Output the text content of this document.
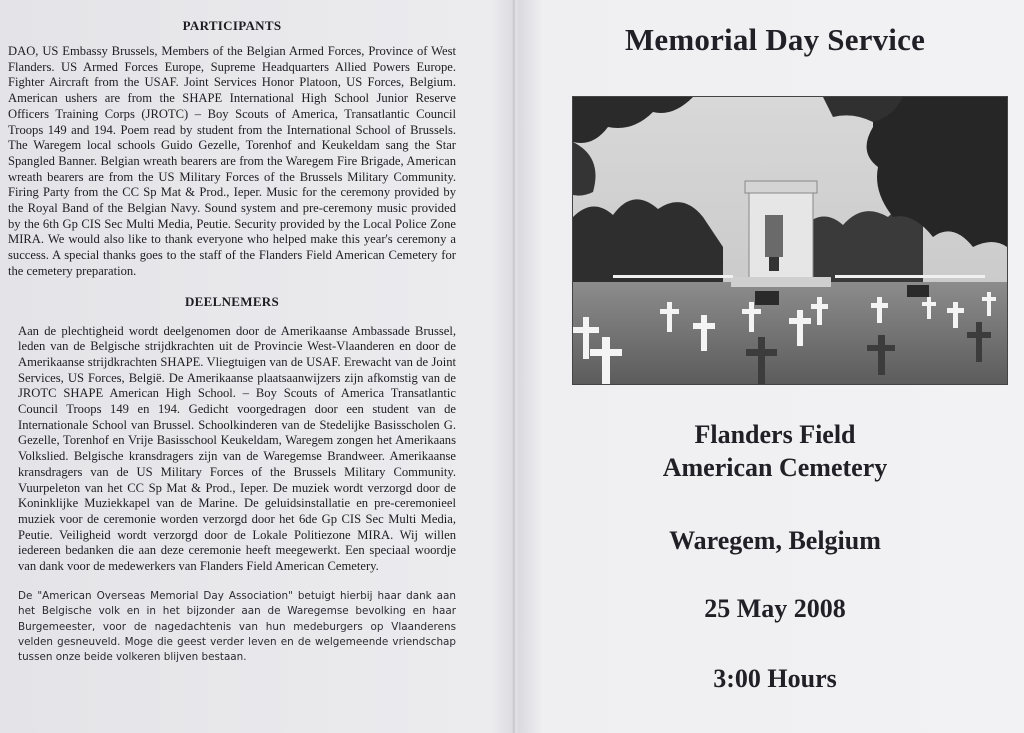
PARTICIPANTS

DAO, US Embassy Brussels, Members of the Belgian Armed Forces, Province of West Flanders. US Armed Forces Europe, Supreme Headquarters Allied Powers Europe. Fighter Aircraft from the USAF. Joint Services Honor Platoon, US Forces, Belgium. American ushers are from the SHAPE International High School Junior Reserve Officers Training Corps (JROTC) – Boy Scouts of America, Transatlantic Council Troops 149 and 194. Poem read by student from the International School of Brussels. The Waregem local schools Guido Gezelle, Torenhof and Keukeldam sang the Star Spangled Banner. Belgian wreath bearers are from the Waregem Fire Brigade, American wreath bearers are from the US Military Forces of the Brussels Military Community. Firing Party from the CC Sp Mat & Prod., Ieper. Music for the ceremony provided by the Royal Band of the Belgian Navy. Sound system and pre-ceremony music provided by the 6th Gp CIS Sec Multi Media, Peutie. Security provided by the Local Police Zone MIRA. We would also like to thank everyone who helped make this year's ceremony a success. A special thanks goes to the staff of the Flanders Field American Cemetery for the cemetery preparation.

DEELNEMERS

Aan de plechtigheid wordt deelgenomen door de Amerikaanse Ambassade Brussel, leden van de Belgische strijdkrachten uit de Provincie West-Vlaanderen en door de Amerikaanse strijdkrachten SHAPE. Vliegtuigen van de USAF. Erewacht van de Joint Services, US Forces, België. De Amerikaanse plaatsaanwijzers zijn afkomstig van de JROTC SHAPE American High School. – Boy Scouts of America Transatlantic Council Troops 149 en 194. Gedicht voorgedragen door een student van de Internationale School van Brussel. Schoolkinderen van de Stedelijke Basisscholen G. Gezelle, Torenhof en Vrije Basisschool Keukeldam, Waregem zongen het Amerikaans Volkslied. Belgische kransdragers zijn van de Waregemse Brandweer. Amerikaanse kransdragers van de US Military Forces of the Brussels Military Community. Vuurpeleton van het CC Sp Mat & Prod., Ieper. De muziek wordt verzorgd door de Koninklijke Muziekkapel van de Marine. De geluidsinstallatie en pre-ceremonieel muziek voor de ceremonie worden verzorgd door het 6de Gp CIS Sec Multi Media, Peutie. Veiligheid wordt verzorgd door de Lokale Politiezone MIRA. Wij willen iedereen bedanken die aan deze ceremonie heeft meegewerkt. Een speciaal woordje van dank voor de medewerkers van Flanders Field American Cemetery.

De "American Overseas Memorial Day Association" betuigt hierbij haar dank aan het Belgische volk en in het bijzonder aan de Waregemse bevolking en haar Burgemeester, voor de nagedachtenis van hun medeburgers op Vlaanderens velden gesneuveld. Moge die geest verder leven en de welgemeende vriendschap tussen onze beide volkeren blijven bestaan.

Memorial Day Service
Flanders Field
American Cemetery
Waregem, Belgium
25 May 2008
3:00 Hours
